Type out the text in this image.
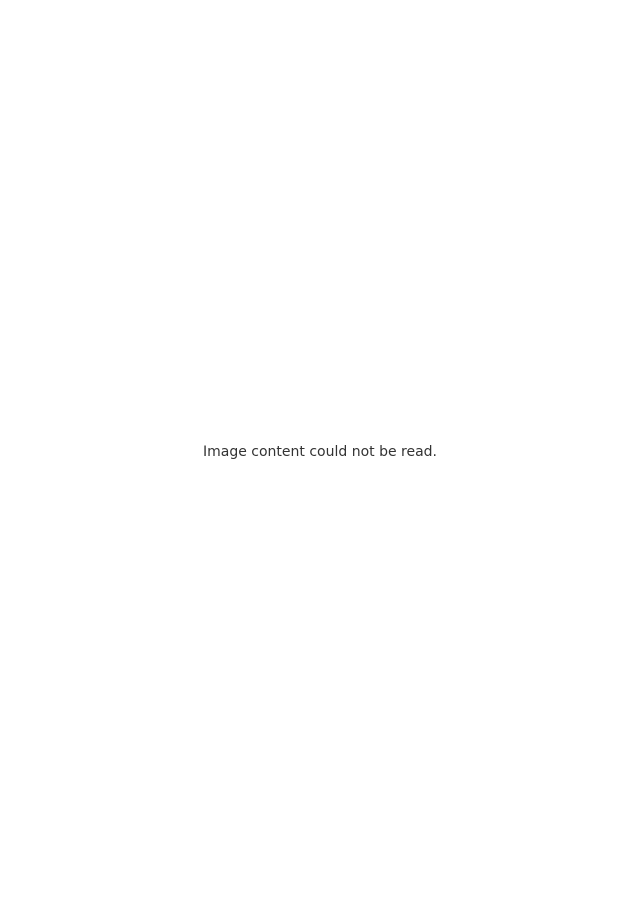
Image content could not be read.
